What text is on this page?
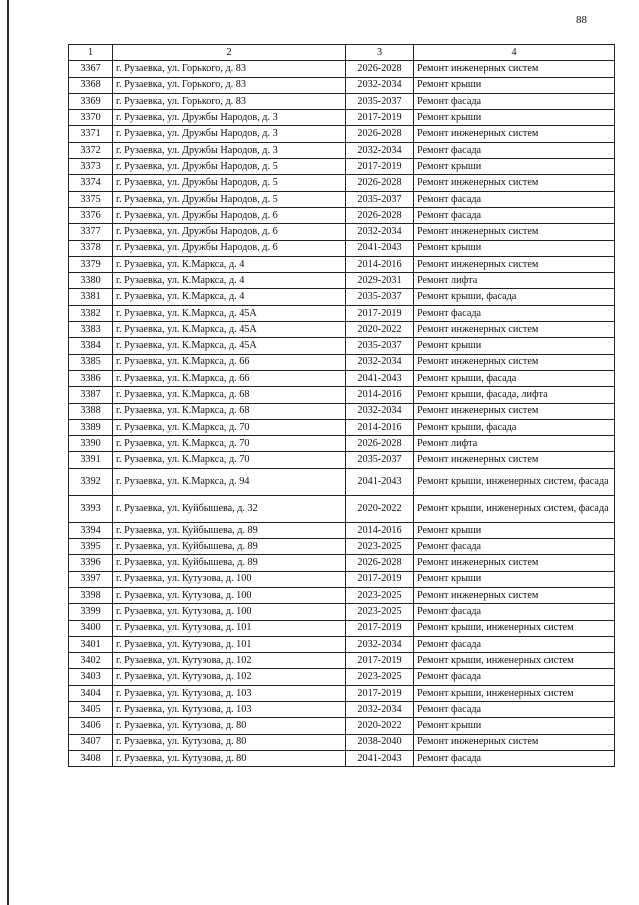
88
1	2	3	4
3367	г. Рузаевка, ул. Горького, д. 83	2026-2028	Ремонт инженерных систем
3368	г. Рузаевка, ул. Горького, д. 83	2032-2034	Ремонт крыши
3369	г. Рузаевка, ул. Горького, д. 83	2035-2037	Ремонт фасада
3370	г. Рузаевка, ул. Дружбы Народов, д. 3	2017-2019	Ремонт крыши
3371	г. Рузаевка, ул. Дружбы Народов, д. 3	2026-2028	Ремонт инженерных систем
3372	г. Рузаевка, ул. Дружбы Народов, д. 3	2032-2034	Ремонт фасада
3373	г. Рузаевка, ул. Дружбы Народов, д. 5	2017-2019	Ремонт крыши
3374	г. Рузаевка, ул. Дружбы Народов, д. 5	2026-2028	Ремонт инженерных систем
3375	г. Рузаевка, ул. Дружбы Народов, д. 5	2035-2037	Ремонт фасада
3376	г. Рузаевка, ул. Дружбы Народов, д. 6	2026-2028	Ремонт фасада
3377	г. Рузаевка, ул. Дружбы Народов, д. 6	2032-2034	Ремонт инженерных систем
3378	г. Рузаевка, ул. Дружбы Народов, д. 6	2041-2043	Ремонт крыши
3379	г. Рузаевка, ул. К.Маркса, д. 4	2014-2016	Ремонт инженерных систем
3380	г. Рузаевка, ул. К.Маркса, д. 4	2029-2031	Ремонт лифта
3381	г. Рузаевка, ул. К.Маркса, д. 4	2035-2037	Ремонт крыши, фасада
3382	г. Рузаевка, ул. К.Маркса, д. 45А	2017-2019	Ремонт фасада
3383	г. Рузаевка, ул. К.Маркса, д. 45А	2020-2022	Ремонт инженерных систем
3384	г. Рузаевка, ул. К.Маркса, д. 45А	2035-2037	Ремонт крыши
3385	г. Рузаевка, ул. К.Маркса, д. 66	2032-2034	Ремонт инженерных систем
3386	г. Рузаевка, ул. К.Маркса, д. 66	2041-2043	Ремонт крыши, фасада
3387	г. Рузаевка, ул. К.Маркса, д. 68	2014-2016	Ремонт крыши, фасада, лифта
3388	г. Рузаевка, ул. К.Маркса, д. 68	2032-2034	Ремонт инженерных систем
3389	г. Рузаевка, ул. К.Маркса, д. 70	2014-2016	Ремонт крыши, фасада
3390	г. Рузаевка, ул. К.Маркса, д. 70	2026-2028	Ремонт лифта
3391	г. Рузаевка, ул. К.Маркса, д. 70	2035-2037	Ремонт инженерных систем
3392	г. Рузаевка, ул. К.Маркса, д. 94	2041-2043	Ремонт крыши, инженерных систем, фасада
3393	г. Рузаевка, ул. Куйбышева, д. 32	2020-2022	Ремонт крыши, инженерных систем, фасада
3394	г. Рузаевка, ул. Куйбышева, д. 89	2014-2016	Ремонт крыши
3395	г. Рузаевка, ул. Куйбышева, д. 89	2023-2025	Ремонт фасада
3396	г. Рузаевка, ул. Куйбышева, д. 89	2026-2028	Ремонт инженерных систем
3397	г. Рузаевка, ул. Кутузова, д. 100	2017-2019	Ремонт крыши
3398	г. Рузаевка, ул. Кутузова, д. 100	2023-2025	Ремонт инженерных систем
3399	г. Рузаевка, ул. Кутузова, д. 100	2023-2025	Ремонт фасада
3400	г. Рузаевка, ул. Кутузова, д. 101	2017-2019	Ремонт крыши, инженерных систем
3401	г. Рузаевка, ул. Кутузова, д. 101	2032-2034	Ремонт фасада
3402	г. Рузаевка, ул. Кутузова, д. 102	2017-2019	Ремонт крыши, инженерных систем
3403	г. Рузаевка, ул. Кутузова, д. 102	2023-2025	Ремонт фасада
3404	г. Рузаевка, ул. Кутузова, д. 103	2017-2019	Ремонт крыши, инженерных систем
3405	г. Рузаевка, ул. Кутузова, д. 103	2032-2034	Ремонт фасада
3406	г. Рузаевка, ул. Кутузова, д. 80	2020-2022	Ремонт крыши
3407	г. Рузаевка, ул. Кутузова, д. 80	2038-2040	Ремонт инженерных систем
3408	г. Рузаевка, ул. Кутузова, д. 80	2041-2043	Ремонт фасада
